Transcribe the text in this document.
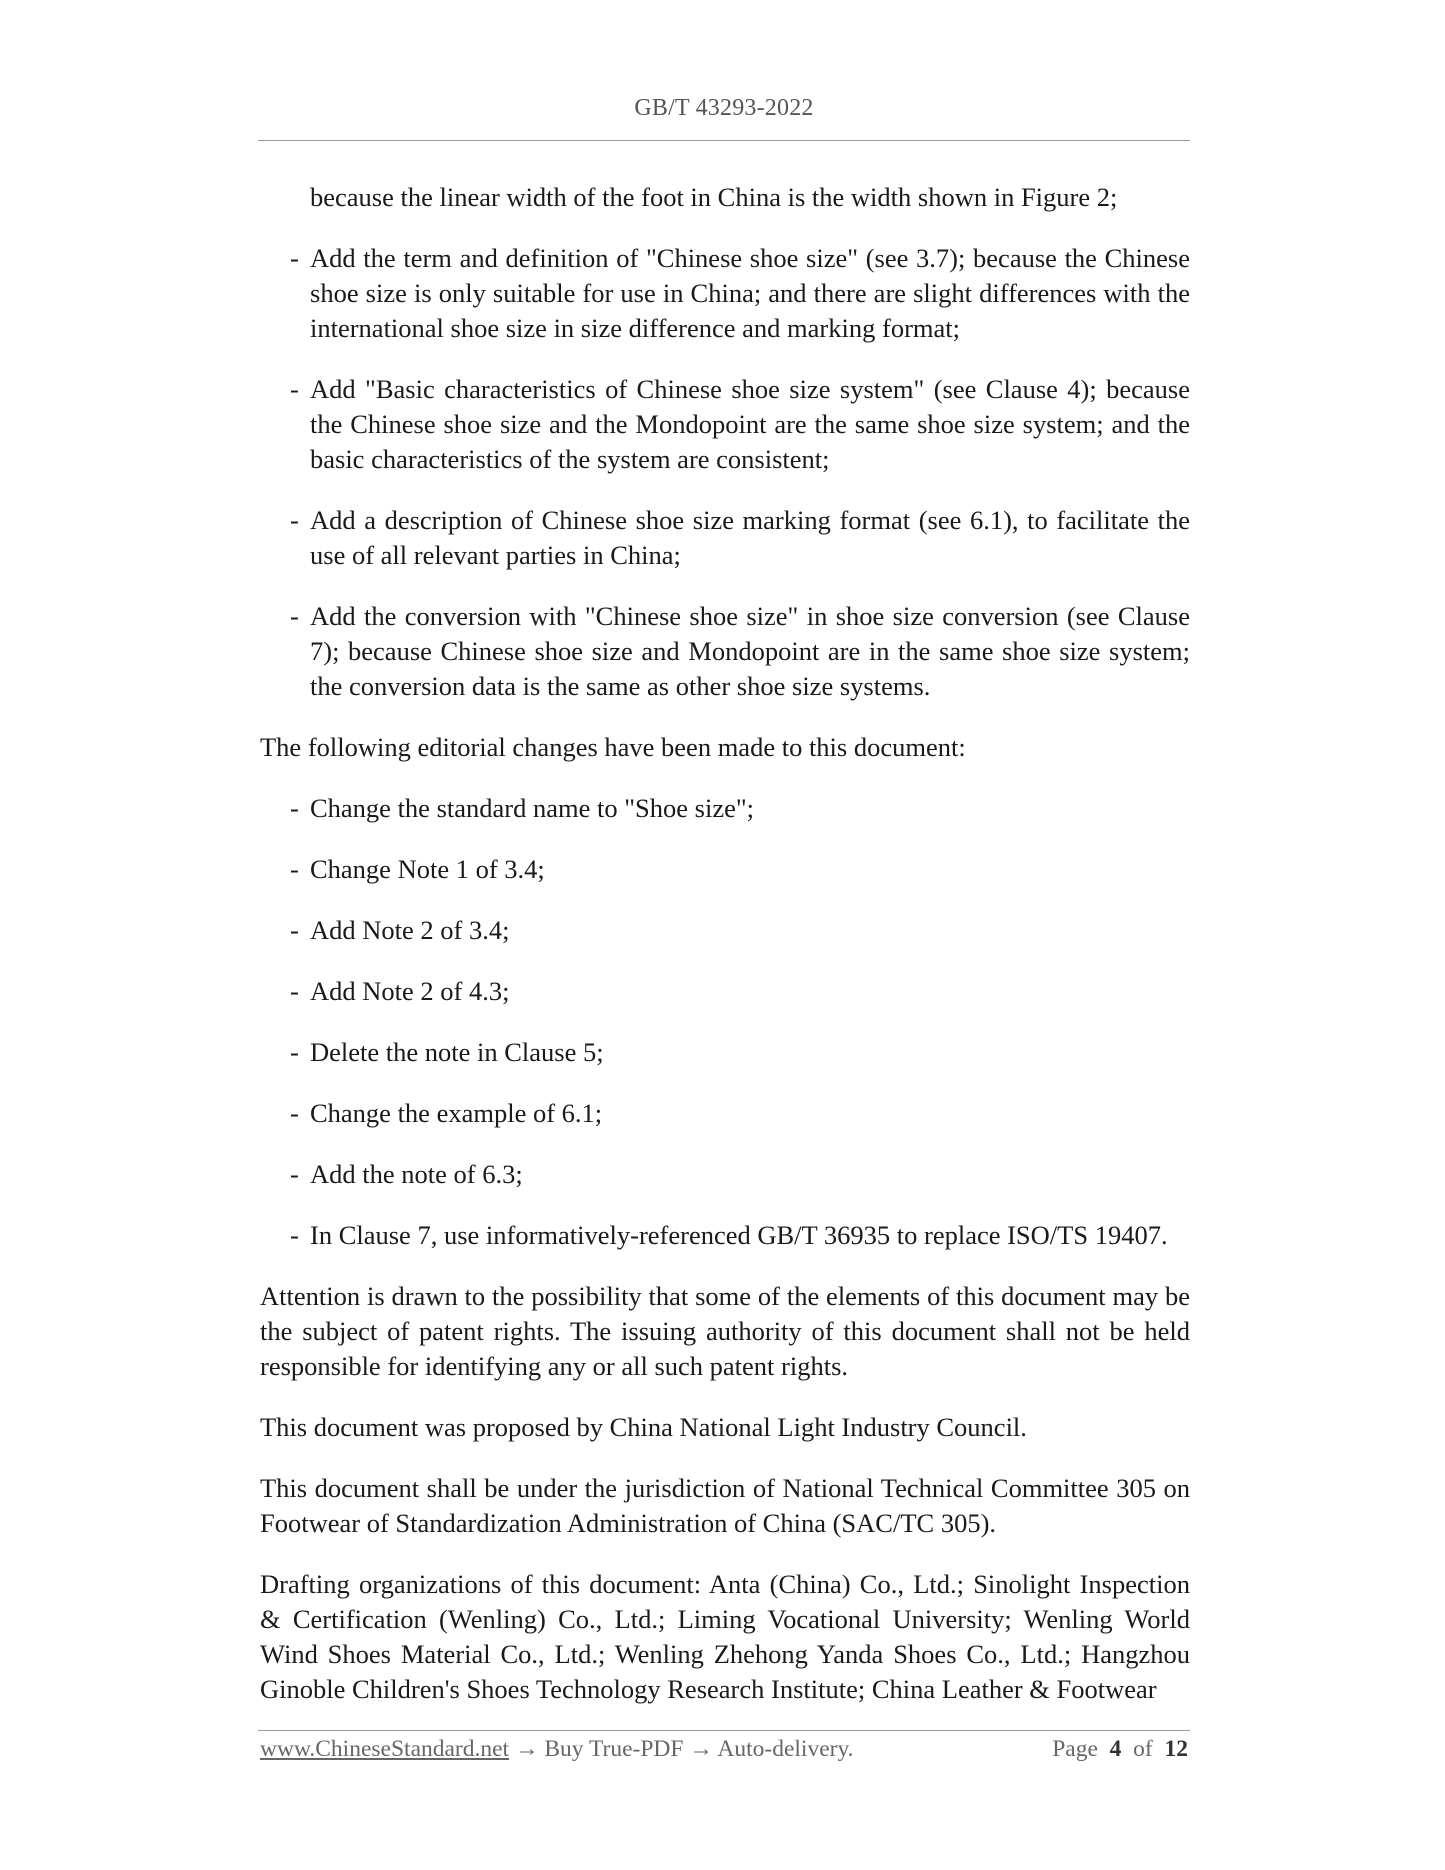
GB/T 43293-2022

because the linear width of the foot in China is the width shown in Figure 2;

- Add the term and definition of "Chinese shoe size" (see 3.7); because the Chinese shoe size is only suitable for use in China; and there are slight differences with the international shoe size in size difference and marking format;
- Add "Basic characteristics of Chinese shoe size system" (see Clause 4); because the Chinese shoe size and the Mondopoint are the same shoe size system; and the basic characteristics of the system are consistent;
- Add a description of Chinese shoe size marking format (see 6.1), to facilitate the use of all relevant parties in China;
- Add the conversion with "Chinese shoe size" in shoe size conversion (see Clause 7); because Chinese shoe size and Mondopoint are in the same shoe size system; the conversion data is the same as other shoe size systems.

The following editorial changes have been made to this document:

- Change the standard name to "Shoe size";
- Change Note 1 of 3.4;
- Add Note 2 of 3.4;
- Add Note 2 of 4.3;
- Delete the note in Clause 5;
- Change the example of 6.1;
- Add the note of 6.3;
- In Clause 7, use informatively-referenced GB/T 36935 to replace ISO/TS 19407.

Attention is drawn to the possibility that some of the elements of this document may be the subject of patent rights. The issuing authority of this document shall not be held responsible for identifying any or all such patent rights.

This document was proposed by China National Light Industry Council.

This document shall be under the jurisdiction of National Technical Committee 305 on Footwear of Standardization Administration of China (SAC/TC 305).

Drafting organizations of this document: Anta (China) Co., Ltd.; Sinolight Inspection & Certification (Wenling) Co., Ltd.; Liming Vocational University; Wenling World Wind Shoes Material Co., Ltd.; Wenling Zhehong Yanda Shoes Co., Ltd.; Hangzhou Ginoble Children's Shoes Technology Research Institute; China Leather & Footwear

www.ChineseStandard.net → Buy True-PDF → Auto-delivery.	Page 4 of 12
